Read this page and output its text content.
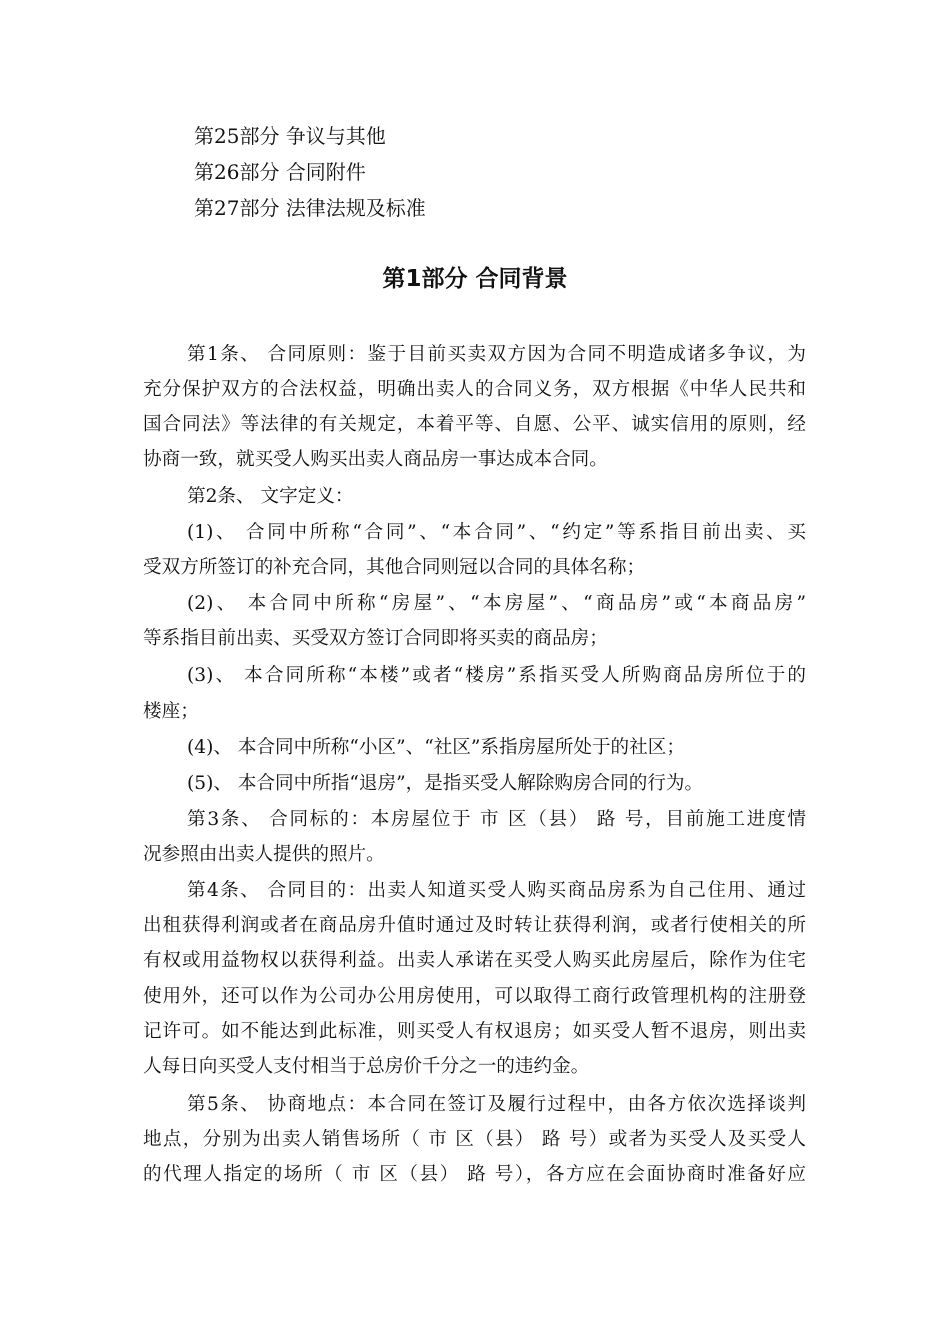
第25部分 争议与其他
第26部分 合同附件
第27部分 法律法规及标准
第1部分 合同背景
第1条、 合同原则：鉴于目前买卖双方因为合同不明造成诸多争议，为
充分保护双方的合法权益，明确出卖人的合同义务，双方根据《中华人民共和
国合同法》等法律的有关规定，本着平等、自愿、公平、诚实信用的原则，经
协商一致，就买受人购买出卖人商品房一事达成本合同。
第2条、 文字定义：
(1)、 合同中所称“合同”、“本合同”、“约定”等系指目前出卖、买
受双方所签订的补充合同，其他合同则冠以合同的具体名称；
(2)、 本合同中所称“房屋”、“本房屋”、“商品房”或“本商品房”
等系指目前出卖、买受双方签订合同即将买卖的商品房；
(3)、 本合同所称“本楼”或者“楼房”系指买受人所购商品房所位于的
楼座；
(4)、 本合同中所称“小区”、“社区”系指房屋所处于的社区；
(5)、 本合同中所指“退房”，是指买受人解除购房合同的行为。
第3条、 合同标的：本房屋位于 市 区（县） 路 号，目前施工进度情
况参照由出卖人提供的照片。
第4条、 合同目的：出卖人知道买受人购买商品房系为自己住用、通过
出租获得利润或者在商品房升值时通过及时转让获得利润，或者行使相关的所
有权或用益物权以获得利益。出卖人承诺在买受人购买此房屋后，除作为住宅
使用外，还可以作为公司办公用房使用，可以取得工商行政管理机构的注册登
记许可。如不能达到此标准，则买受人有权退房；如买受人暂不退房，则出卖
人每日向买受人支付相当于总房价千分之一的违约金。
第5条、 协商地点：本合同在签订及履行过程中，由各方依次选择谈判
地点，分别为出卖人销售场所（ 市 区（县） 路 号）或者为买受人及买受人
的代理人指定的场所（ 市 区（县） 路 号），各方应在会面协商时准备好应
